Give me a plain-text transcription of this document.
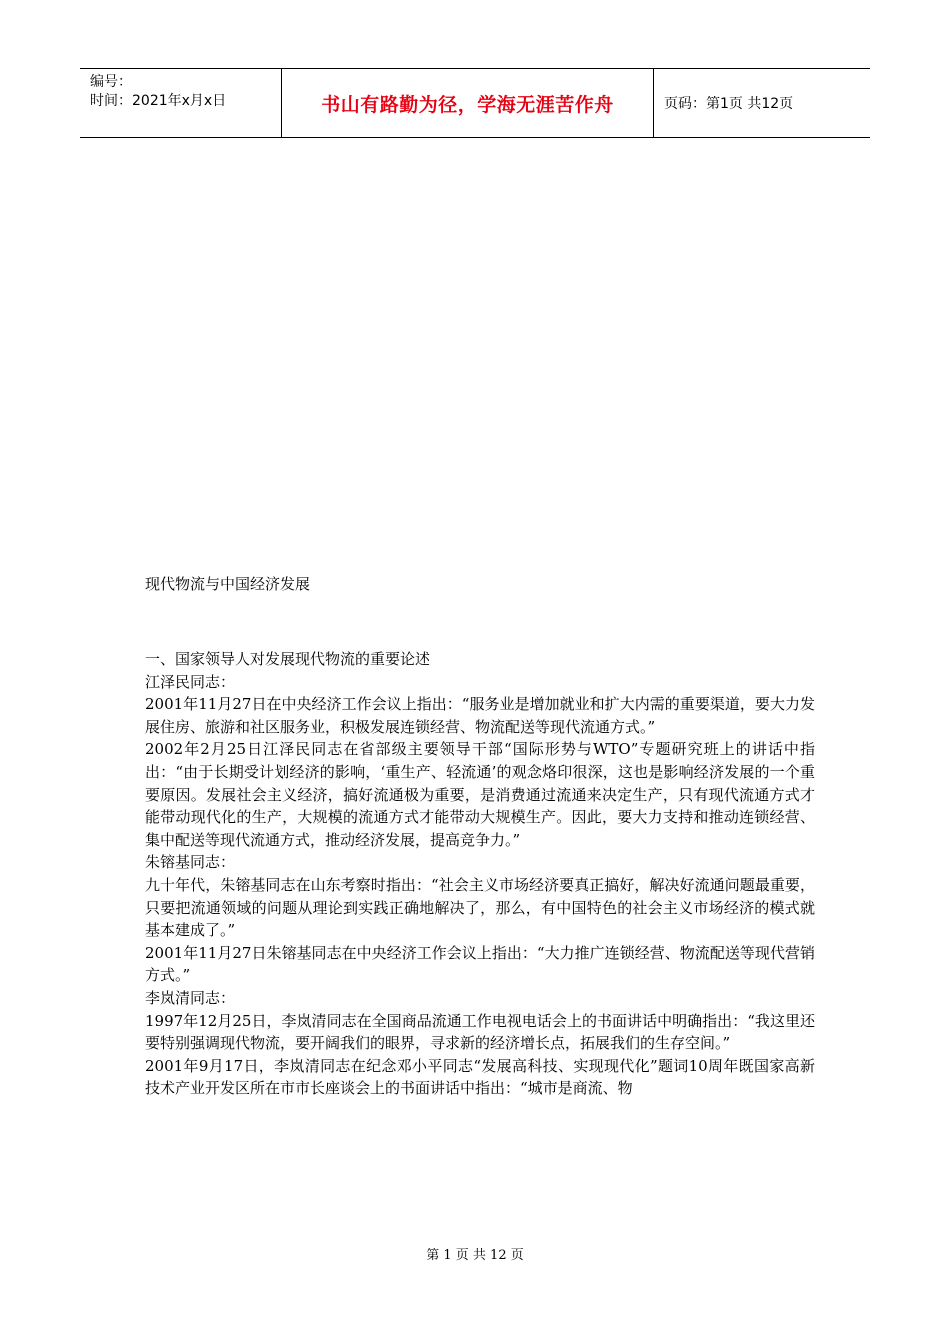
编号：
时间：2021年x月x日	书山有路勤为径，学海无涯苦作舟	页码：第1页 共12页
现代物流与中国经济发展

一、国家领导人对发展现代物流的重要论述

江泽民同志：

2001年11月27日在中央经济工作会议上指出：“服务业是增加就业和扩大内需的重要渠道，要大力发展住房、旅游和社区服务业，积极发展连锁经营、物流配送等现代流通方式。”

2002年2月25日江泽民同志在省部级主要领导干部“国际形势与WTO”专题研究班上的讲话中指出：“由于长期受计划经济的影响，‘重生产、轻流通’的观念烙印很深，这也是影响经济发展的一个重要原因。发展社会主义经济，搞好流通极为重要，是消费通过流通来决定生产，只有现代流通方式才能带动现代化的生产，大规模的流通方式才能带动大规模生产。因此，要大力支持和推动连锁经营、集中配送等现代流通方式，推动经济发展，提高竞争力。”

朱镕基同志：

九十年代，朱镕基同志在山东考察时指出：“社会主义市场经济要真正搞好，解决好流通问题最重要，只要把流通领域的问题从理论到实践正确地解决了，那么，有中国特色的社会主义市场经济的模式就基本建成了。”

2001年11月27日朱镕基同志在中央经济工作会议上指出：“大力推广连锁经营、物流配送等现代营销方式。”

李岚清同志：

1997年12月25日，李岚清同志在全国商品流通工作电视电话会上的书面讲话中明确指出：“我这里还要特别强调现代物流，要开阔我们的眼界，寻求新的经济增长点，拓展我们的生存空间。”

2001年9月17日，李岚清同志在纪念邓小平同志“发展高科技、实现现代化”题词10周年既国家高新技术产业开发区所在市市长座谈会上的书面讲话中指出：“城市是商流、物

第 1 页 共 12 页
